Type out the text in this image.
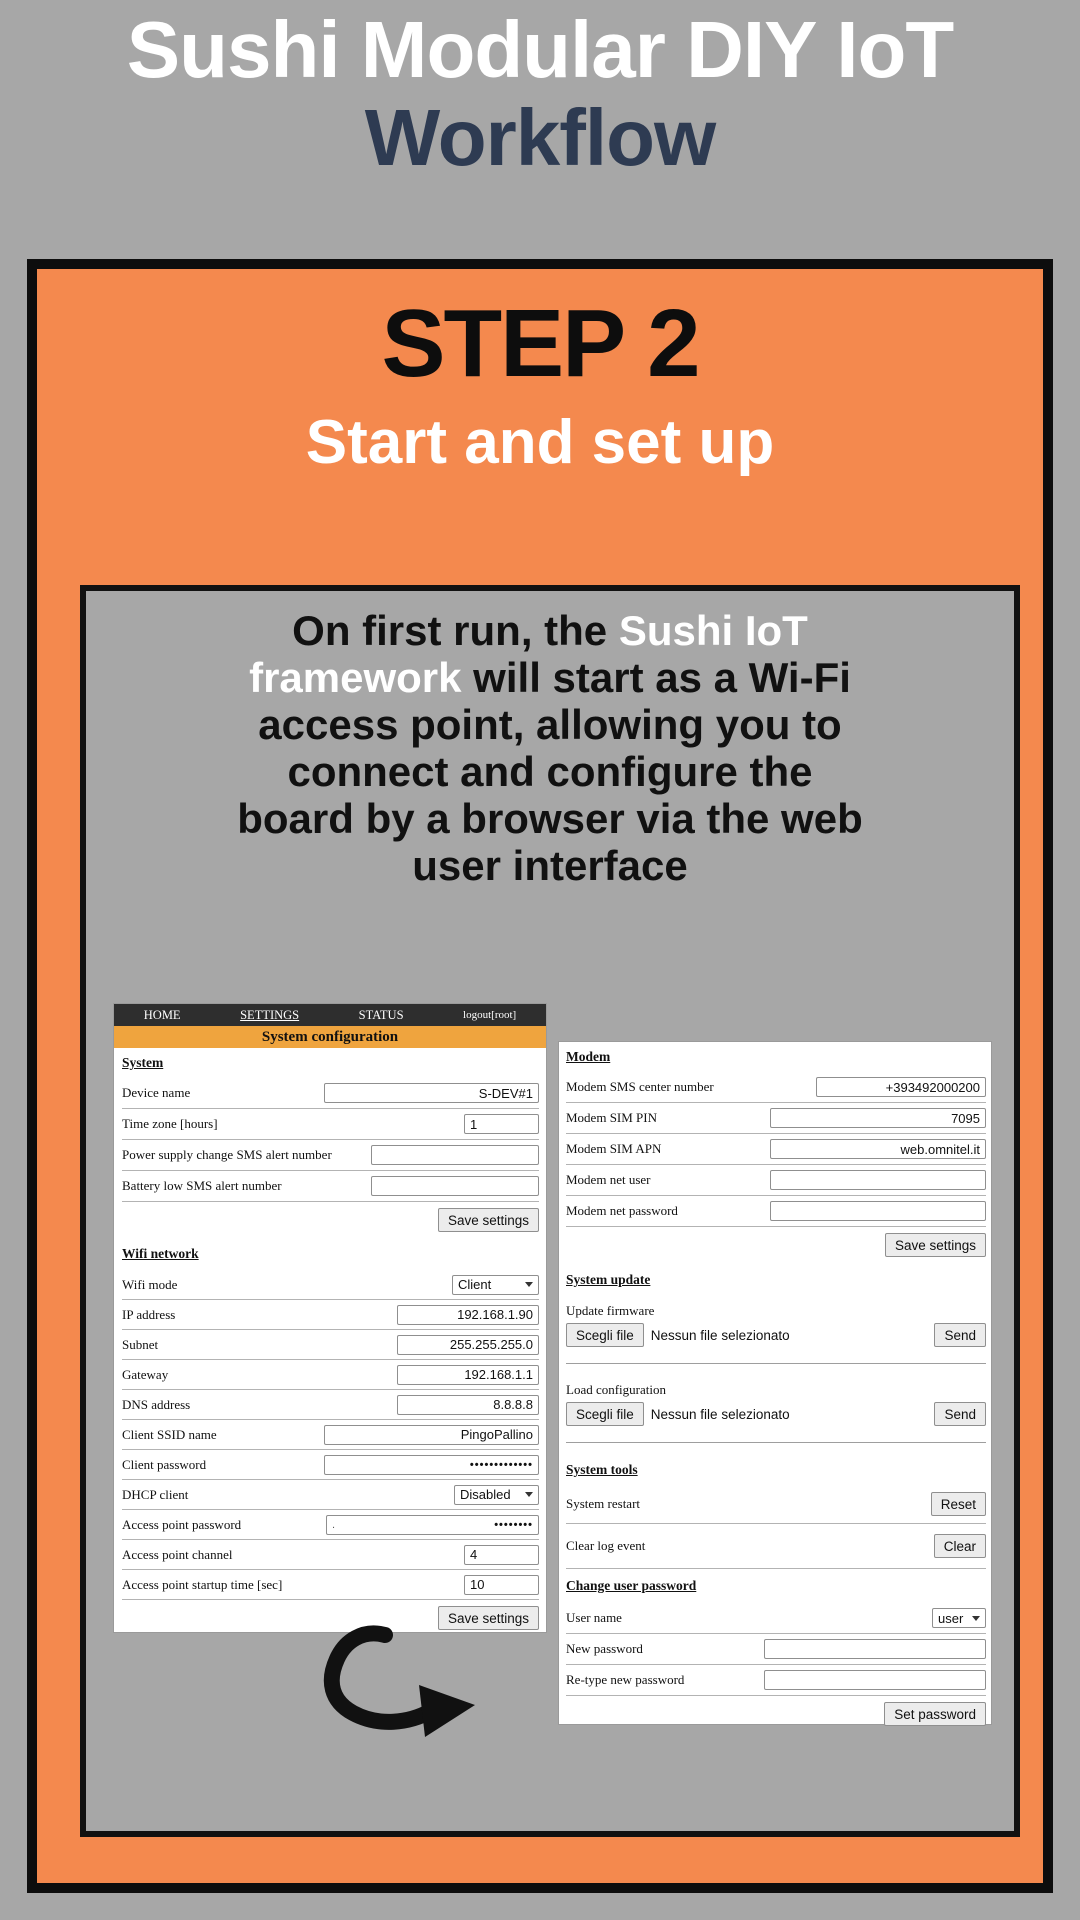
Sushi Modular DIY IoT
Workflow
STEP 2
Start and set up
On first run, the Sushi IoT
framework will start as a Wi-Fi
access point, allowing you to
connect and configure the
board by a browser via the web
user interface
HOME	SETTINGS	STATUS	logout[root]
System configuration
System
Device name	S-DEV#1
Time zone [hours]	1
Power supply change SMS alert number
Battery low SMS alert number
Save settings
Wifi network
Wifi mode	Client
IP address	192.168.1.90
Subnet	255.255.255.0
Gateway	192.168.1.1
DNS address	8.8.8.8
Client SSID name	PingoPallino
Client password	•••••••••••••
DHCP client	Disabled
Access point password	.	••••••••
Access point channel	4
Access point startup time [sec]	10
Save settings
Modem
Modem SMS center number	+393492000200
Modem SIM PIN	7095
Modem SIM APN	web.omnitel.it
Modem net user
Modem net password
Save settings
System update
Update firmware
Scegli file	Nessun file selezionato	Send
Load configuration
Scegli file	Nessun file selezionato	Send
System tools
System restart	Reset
Clear log event	Clear
Change user password
User name	user
New password
Re-type new password
Set password
